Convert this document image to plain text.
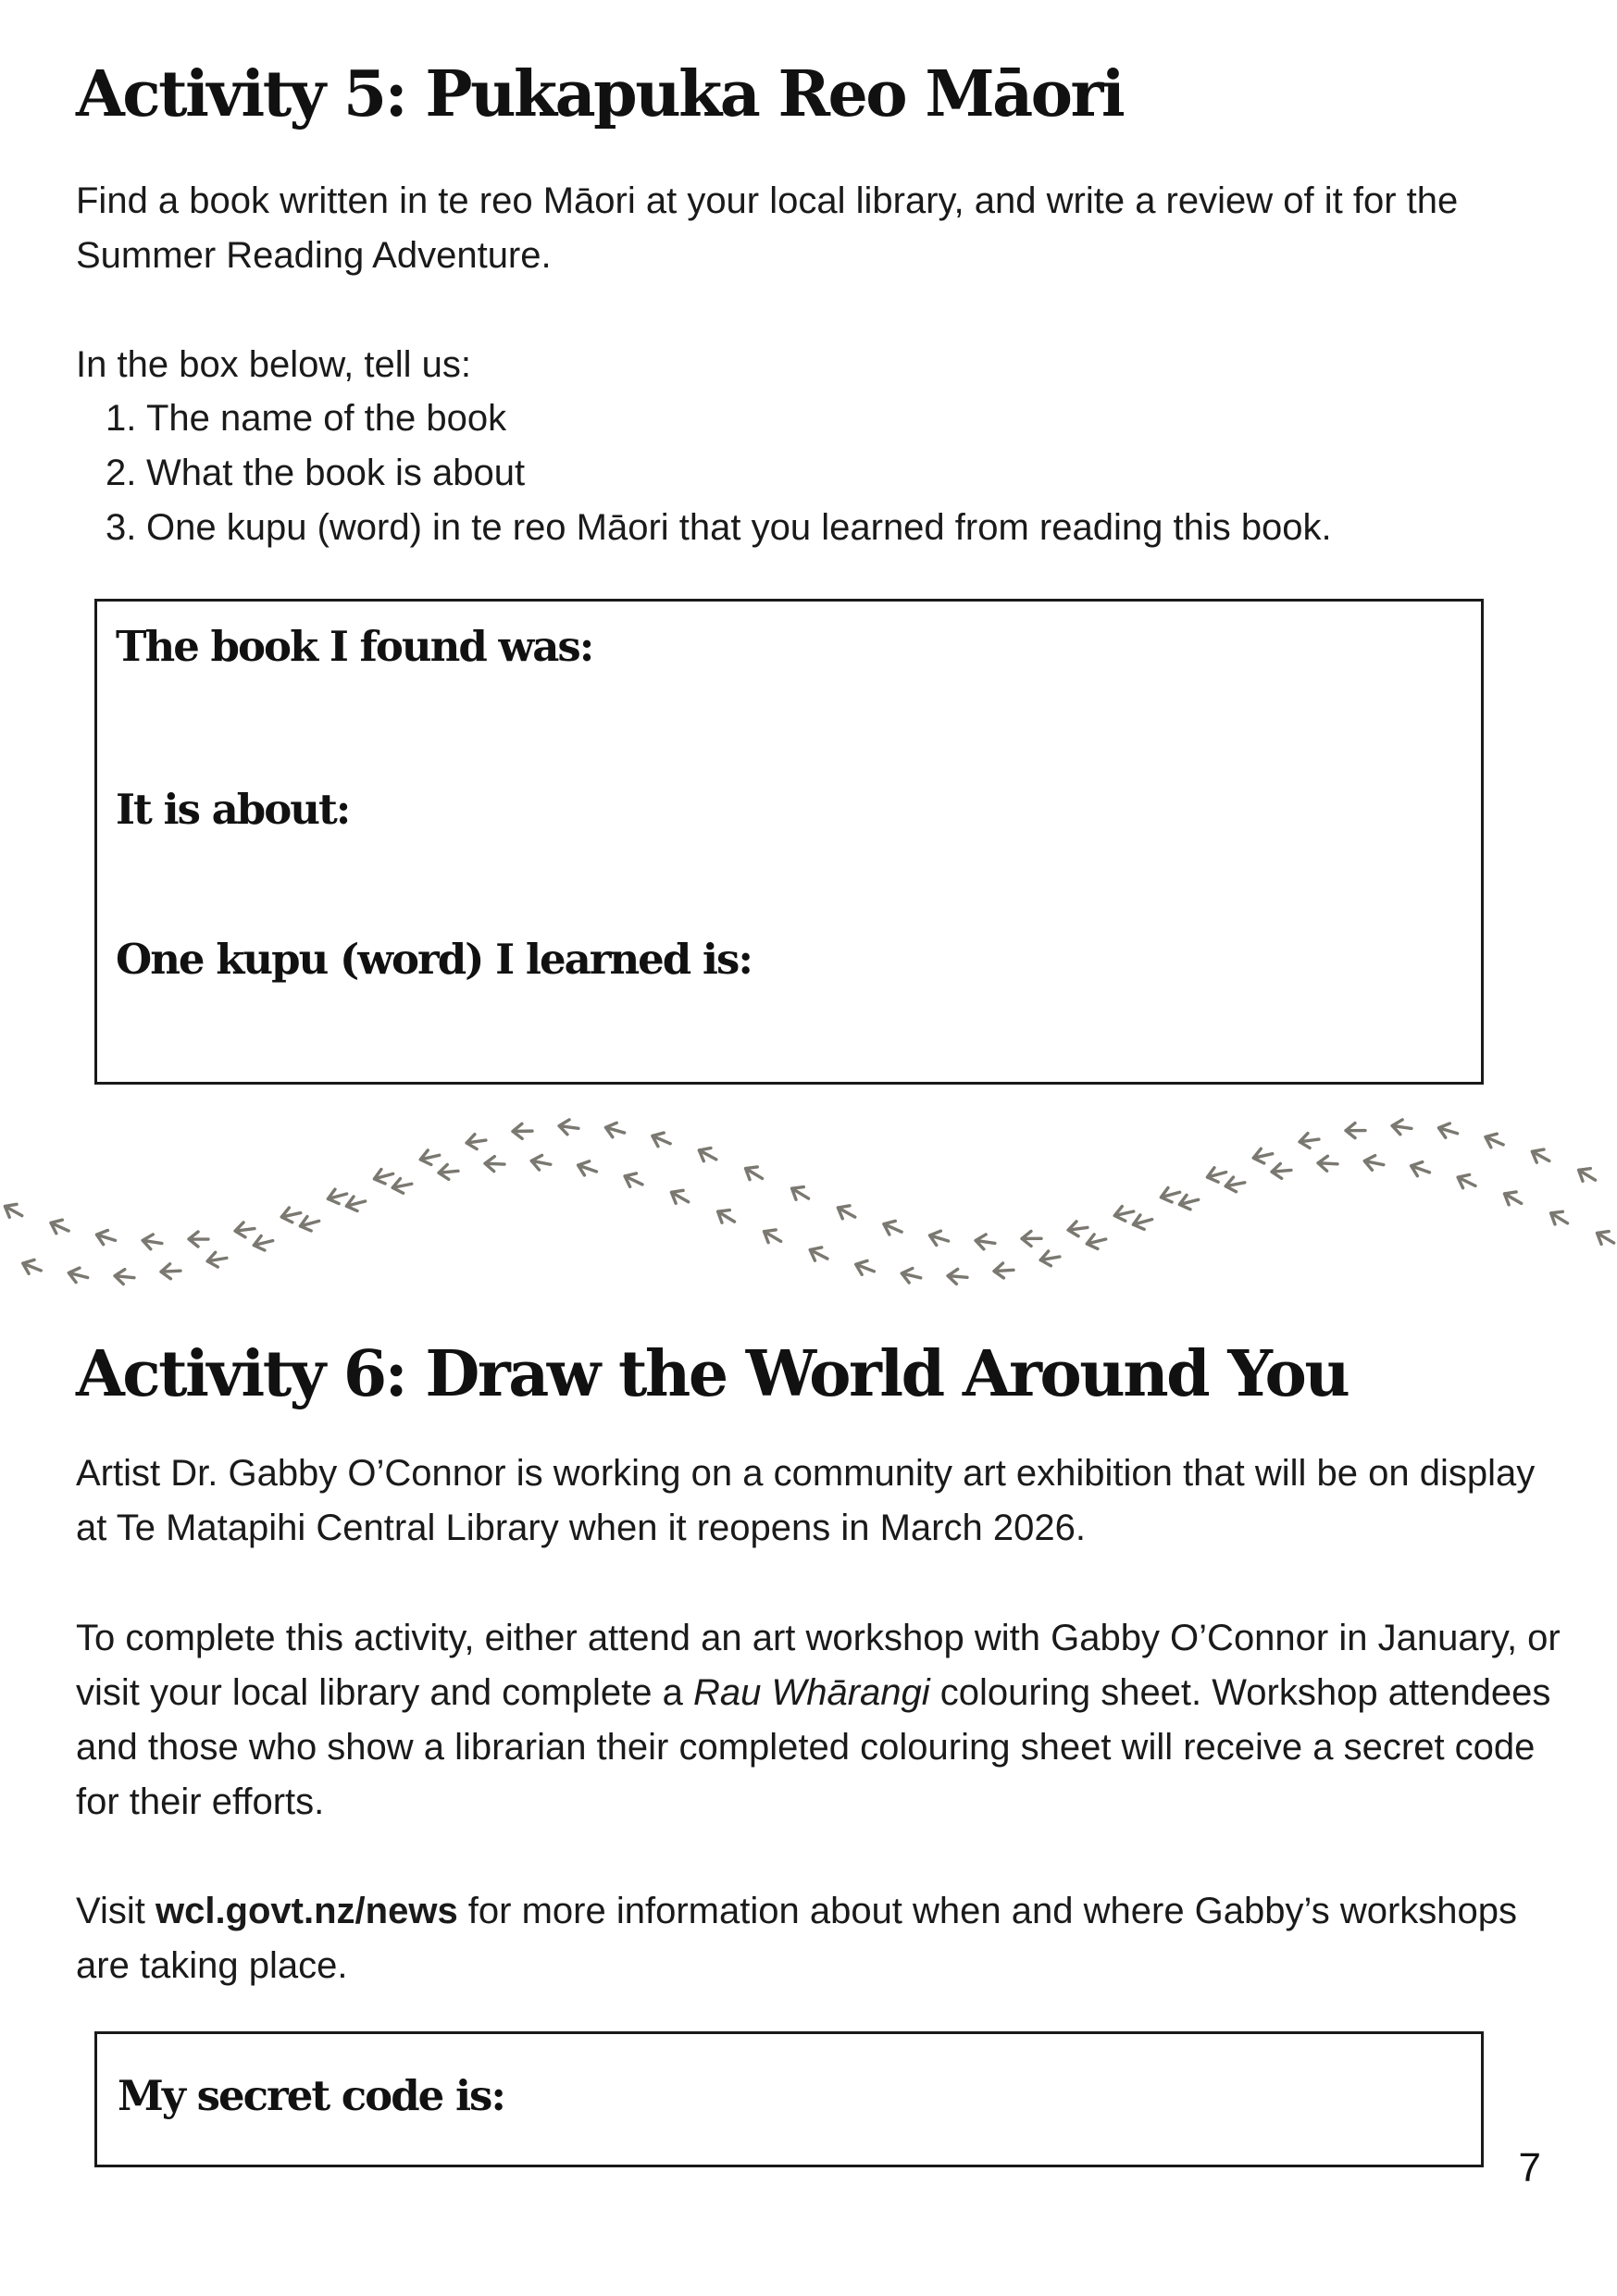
Activity 5: Pukapuka Reo Māori

Find a book written in te reo Māori at your local library, and write a review of it for the Summer Reading Adventure.

In the box below, tell us:

1. The name of the book
2. What the book is about
3. One kupu (word) in te reo Māori that you learned from reading this book.

The book I found was:

It is about:

One kupu (word) I learned is:

Activity 6: Draw the World Around You

Artist Dr. Gabby O’Connor is working on a community art exhibition that will be on display at Te Matapihi Central Library when it reopens in March 2026.

To complete this activity, either attend an art workshop with Gabby O’Connor in January, or visit your local library and complete a Rau Whārangi colouring sheet. Workshop attendees and those who show a librarian their completed colouring sheet will receive a secret code for their efforts.

Visit wcl.govt.nz/news for more information about when and where Gabby’s workshops are taking place.

My secret code is:

7
